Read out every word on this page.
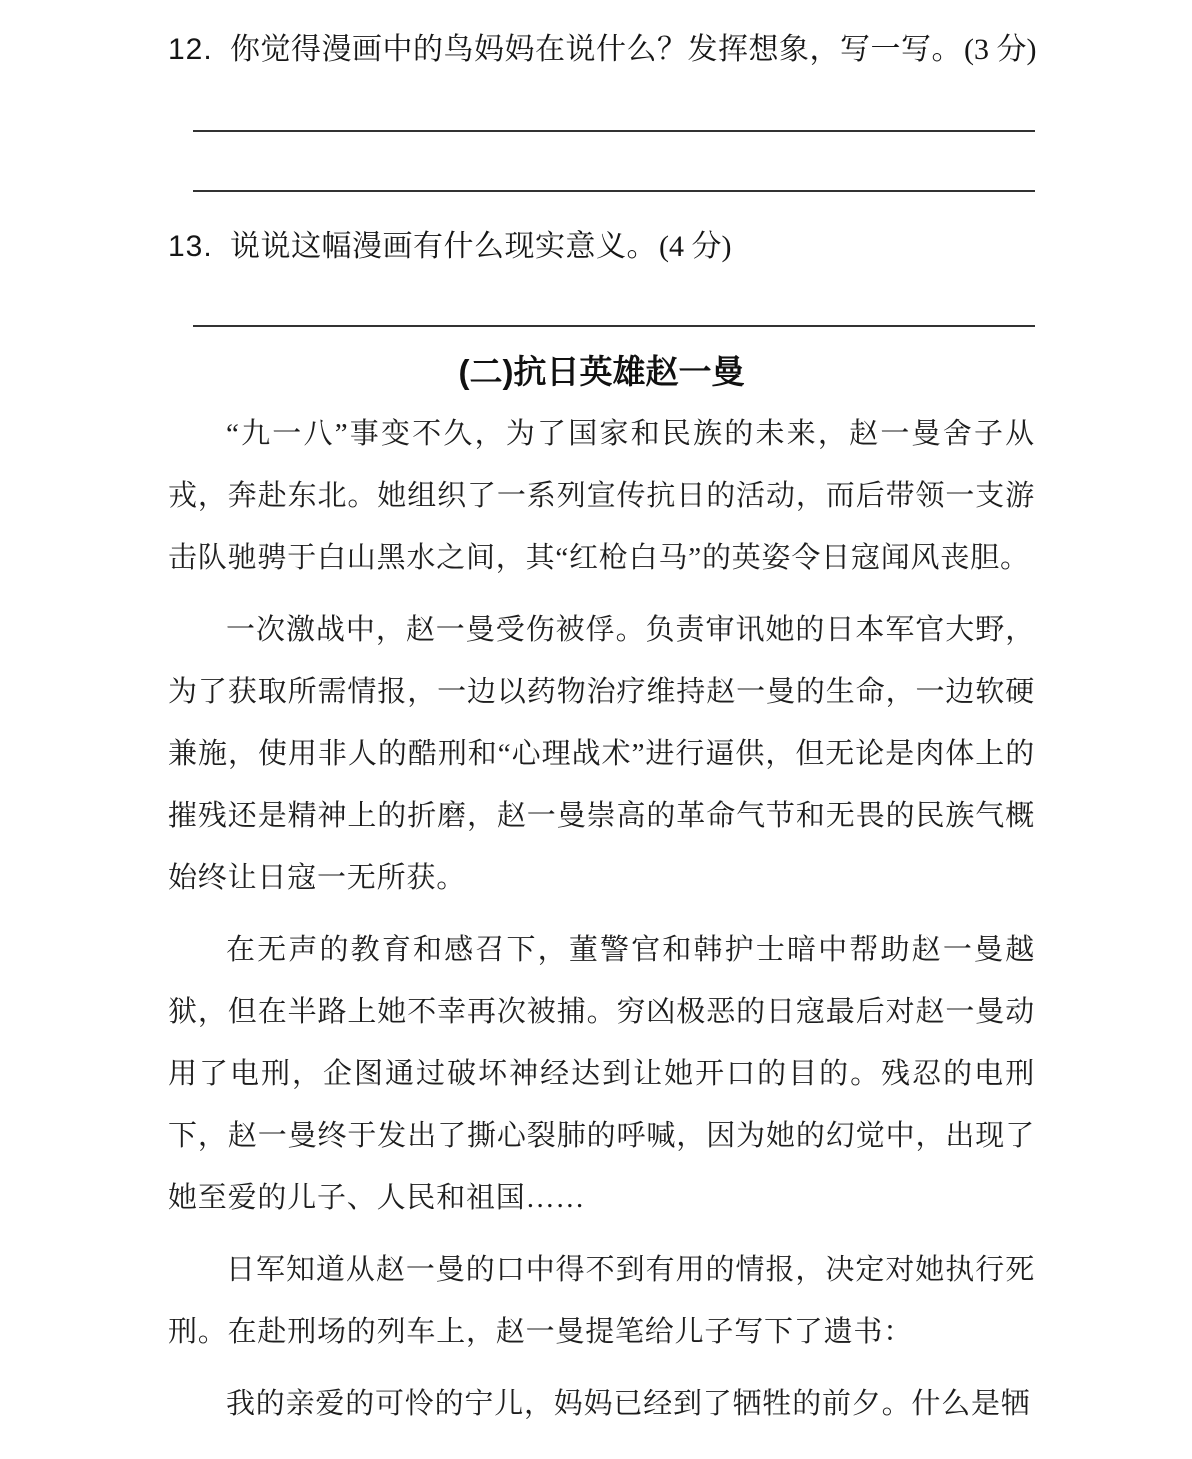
12. 你觉得漫画中的鸟妈妈在说什么？发挥想象，写一写。(3 分)
13. 说说这幅漫画有什么现实意义。(4 分)
(二)抗日英雄赵一曼

“九一八”事变不久，为了国家和民族的未来，赵一曼舍子从戎，奔赴东北。她组织了一系列宣传抗日的活动，而后带领一支游击队驰骋于白山黑水之间，其“红枪白马”的英姿令日寇闻风丧胆。

一次激战中，赵一曼受伤被俘。负责审讯她的日本军官大野，为了获取所需情报，一边以药物治疗维持赵一曼的生命，一边软硬兼施，使用非人的酷刑和“心理战术”进行逼供，但无论是肉体上的摧残还是精神上的折磨，赵一曼崇高的革命气节和无畏的民族气概始终让日寇一无所获。

在无声的教育和感召下，董警官和韩护士暗中帮助赵一曼越狱，但在半路上她不幸再次被捕。穷凶极恶的日寇最后对赵一曼动用了电刑，企图通过破坏神经达到让她开口的目的。残忍的电刑下，赵一曼终于发出了撕心裂肺的呼喊，因为她的幻觉中，出现了她至爱的儿子、人民和祖国……

日军知道从赵一曼的口中得不到有用的情报，决定对她执行死刑。在赴刑场的列车上，赵一曼提笔给儿子写下了遗书：

我的亲爱的可怜的宁儿，妈妈已经到了牺牲的前夕。什么是牺
